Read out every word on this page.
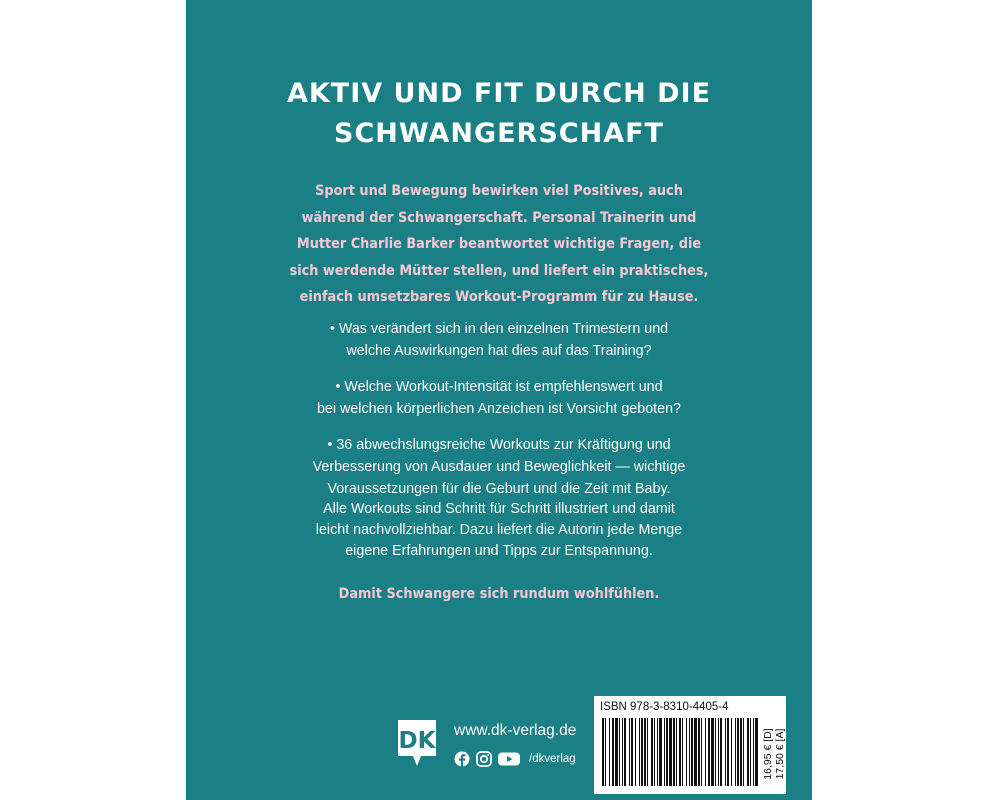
AKTIV UND FIT DURCH DIE
SCHWANGERSCHAFT
Sport und Bewegung bewirken viel Positives, auch
während der Schwangerschaft. Personal Trainerin und
Mutter Charlie Barker beantwortet wichtige Fragen, die
sich werdende Mütter stellen, und liefert ein praktisches,
einfach umsetzbares Workout-Programm für zu Hause.
• Was verändert sich in den einzelnen Trimestern und
welche Auswirkungen hat dies auf das Training?
• Welche Workout-Intensität ist empfehlenswert und
bei welchen körperlichen Anzeichen ist Vorsicht geboten?
• 36 abwechslungsreiche Workouts zur Kräftigung und
Verbesserung von Ausdauer und Beweglichkeit — wichtige
Voraussetzungen für die Geburt und die Zeit mit Baby.
Alle Workouts sind Schritt für Schritt illustriert und damit
leicht nachvollziehbar. Dazu liefert die Autorin jede Menge
eigene Erfahrungen und Tipps zur Entspannung.
Damit Schwangere sich rundum wohlfühlen.
DK www.dk-verlag.de
/dkverlag
ISBN 978-3-8310-4405-4
16,95 € [D] 17,50 € [A]
